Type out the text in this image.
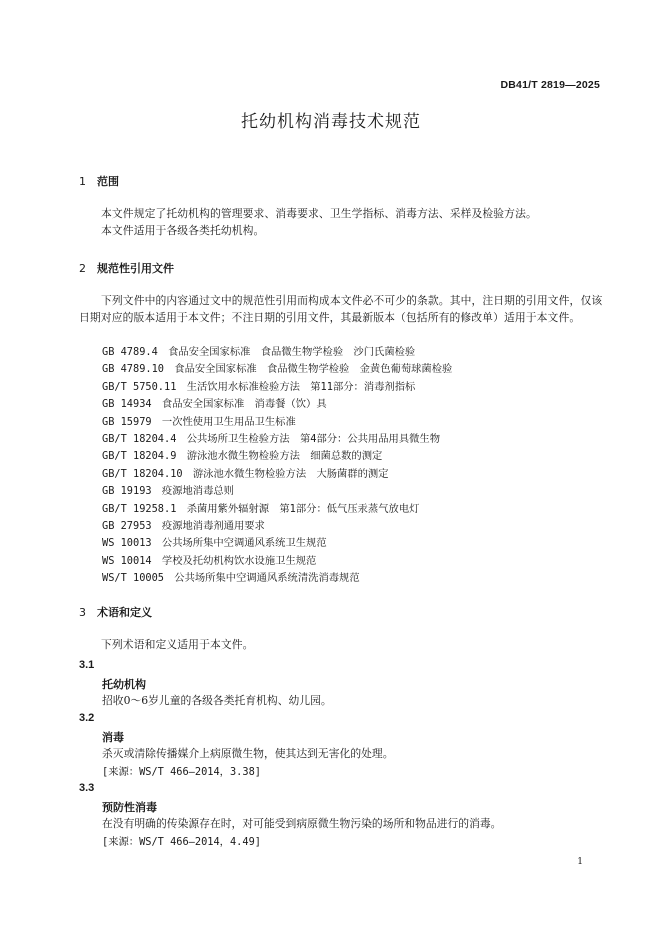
DB41/T 2819—2025
托幼机构消毒技术规范
1 范围

本文件规定了托幼机构的管理要求、消毒要求、卫生学指标、消毒方法、采样及检验方法。

本文件适用于各级各类托幼机构。

2 规范性引用文件

下列文件中的内容通过文中的规范性引用而构成本文件必不可少的条款。其中，注日期的引用文件，仅该日期对应的版本适用于本文件；不注日期的引用文件，其最新版本（包括所有的修改单）适用于本文件。

GB 4789.4　食品安全国家标准　食品微生物学检验　沙门氏菌检验
GB 4789.10　食品安全国家标准　食品微生物学检验　金黄色葡萄球菌检验
GB/T 5750.11　生活饮用水标准检验方法　第11部分：消毒剂指标
GB 14934　食品安全国家标准　消毒餐（饮）具
GB 15979　一次性使用卫生用品卫生标准
GB/T 18204.4　公共场所卫生检验方法　第4部分：公共用品用具微生物
GB/T 18204.9　游泳池水微生物检验方法　细菌总数的测定
GB/T 18204.10　游泳池水微生物检验方法　大肠菌群的测定
GB 19193　疫源地消毒总则
GB/T 19258.1　杀菌用紫外辐射源　第1部分：低气压汞蒸气放电灯
GB 27953　疫源地消毒剂通用要求
WS 10013　公共场所集中空调通风系统卫生规范
WS 10014　学校及托幼机构饮水设施卫生规范
WS/T 10005　公共场所集中空调通风系统清洗消毒规范
3 术语和定义

下列术语和定义适用于本文件。

3.1
托幼机构
招收0～6岁儿童的各级各类托育机构、幼儿园。
3.2
消毒
杀灭或清除传播媒介上病原微生物，使其达到无害化的处理。
[来源：WS/T 466—2014，3.38]
3.3
预防性消毒
在没有明确的传染源存在时，对可能受到病原微生物污染的场所和物品进行的消毒。
[来源：WS/T 466—2014，4.49]
1
